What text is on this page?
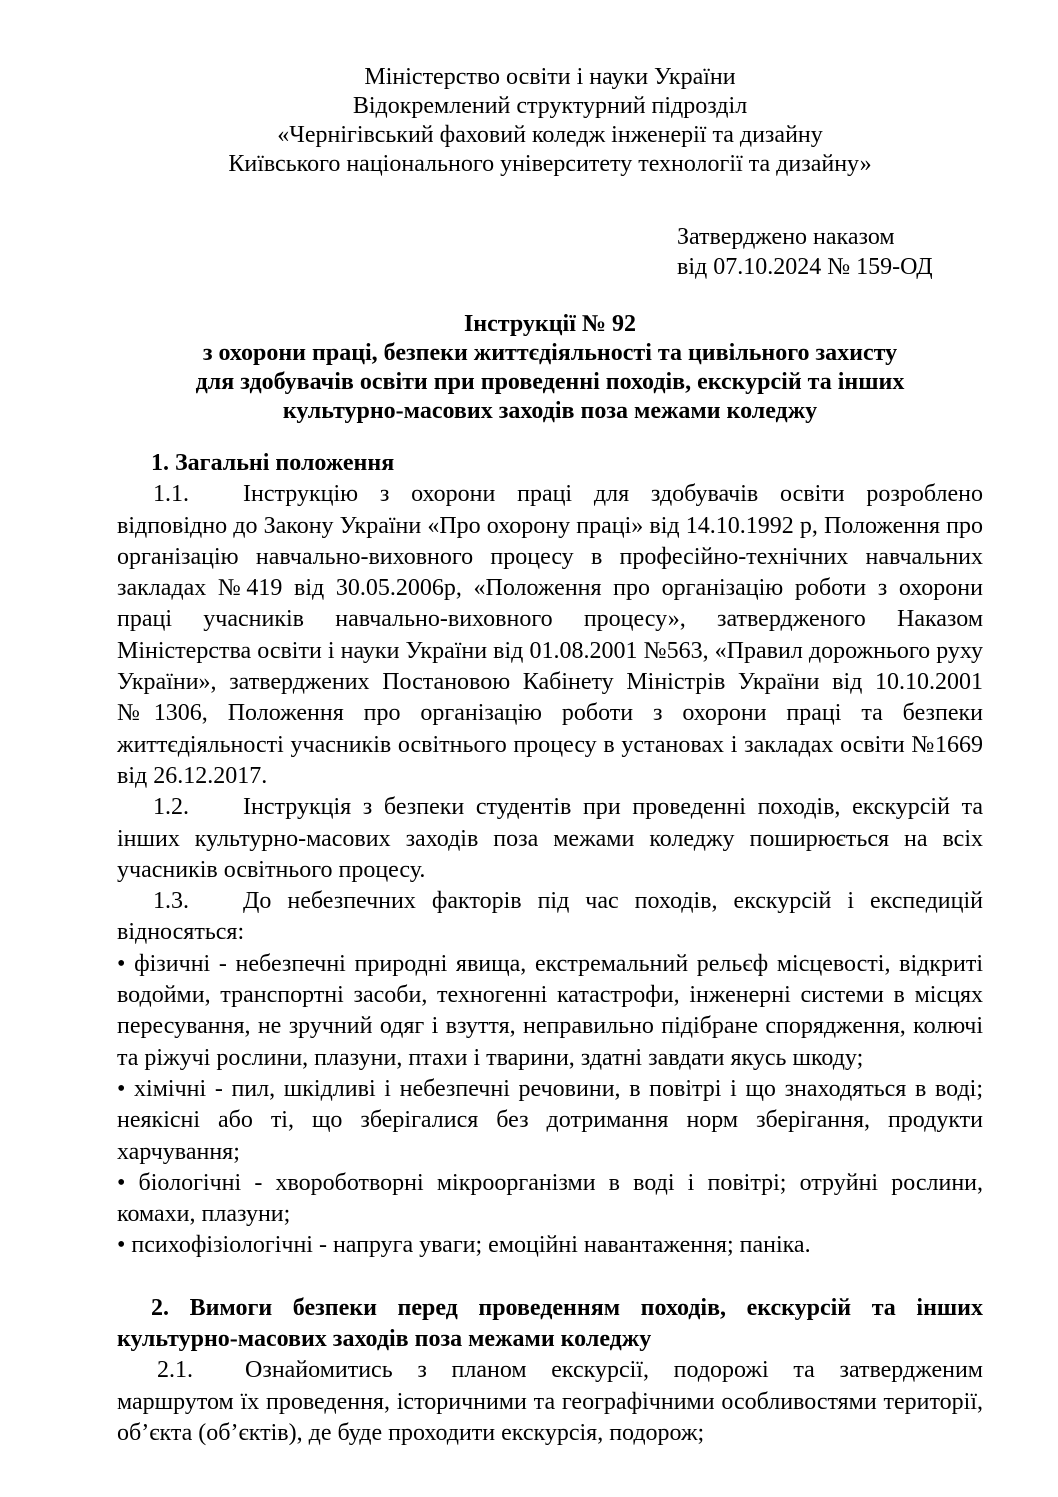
Міністерство освіти і науки України
Відокремлений структурний підрозділ
«Чернігівський фаховий коледж інженерії та дизайну
Київського національного університету технології та дизайну»
Затверджено наказом
від 07.10.2024 № 159-ОД
Інструкції № 92
з охорони праці, безпеки життєдіяльності та цивільного захисту
для здобувачів освіти при проведенні походів, екскурсій та інших
культурно-масових заходів поза межами коледжу

1. Загальні положення

1.1. Інструкцію з охорони праці для здобувачів освіти розроблено відповідно до Закону України «Про охорону праці» від 14.10.1992 р, Положення про організацію навчально-виховного процесу в професійно-технічних навчальних закладах №419 від 30.05.2006р, «Положення про організацію роботи з охорони праці учасників навчально-виховного процесу», затвердженого Наказом Міністерства освіти і науки України від 01.08.2001 №563, «Правил дорожнього руху України», затверджених Постановою Кабінету Міністрів України від 10.10.2001 №1306, Положення про організацію роботи з охорони праці та безпеки життєдіяльності учасників освітнього процесу в установах і закладах освіти №1669 від 26.12.2017.

1.2. Інструкція з безпеки студентів при проведенні походів, екскурсій та інших культурно-масових заходів поза межами коледжу поширюється на всіх учасників освітнього процесу.

1.3. До небезпечних факторів під час походів, екскурсій і експедицій відносяться:

• фізичні - небезпечні природні явища, екстремальний рельєф місцевості, відкриті водойми, транспортні засоби, техногенні катастрофи, інженерні системи в місцях пересування, не зручний одяг і взуття, неправильно підібране спорядження, колючі та ріжучі рослини, плазуни, птахи і тварини, здатні завдати якусь шкоду;

• хімічні - пил, шкідливі і небезпечні речовини, в повітрі і що знаходяться в воді; неякісні або ті, що зберігалися без дотримання норм зберігання, продукти харчування;

• біологічні - хвороботворні мікроорганізми в воді і повітрі; отруйні рослини, комахи, плазуни;

• психофізіологічні - напруга уваги; емоційні навантаження; паніка.

2. Вимоги безпеки перед проведенням походів, екскурсій та інших культурно-масових заходів поза межами коледжу

2.1. Ознайомитись з планом екскурсії, подорожі та затвердженим маршрутом їх проведення, історичними та географічними особливостями території, об’єкта (об’єктів), де буде проходити екскурсія, подорож;
